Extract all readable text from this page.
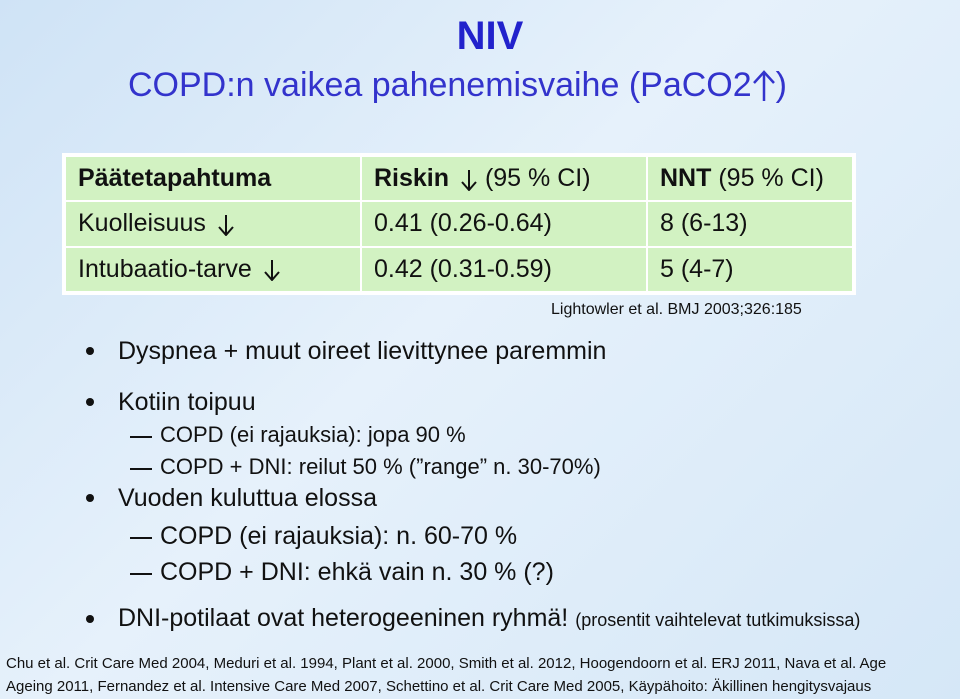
NIV
COPD:n vaikea pahenemisvaihe (PaCO2 )
Päätetapahtuma	Riskin (95 % CI)	NNT (95 % CI)
Kuolleisuus	0.41 (0.26-0.64)	8 (6-13)
Intubaatio-tarve	0.42 (0.31-0.59)	5 (4-7)
Lightowler et al. BMJ 2003;326:185
Dyspnea + muut oireet lievittynee paremmin
Kotiin toipuu
COPD (ei rajauksia): jopa 90 %
COPD + DNI: reilut 50 % (”range” n. 30-70%)
Vuoden kuluttua elossa
COPD (ei rajauksia): n. 60-70 %
COPD + DNI: ehkä vain n. 30 % (?)
DNI-potilaat ovat heterogeeninen ryhmä! (prosentit vaihtelevat tutkimuksissa)
Chu et al. Crit Care Med 2004, Meduri et al. 1994, Plant et al. 2000, Smith et al. 2012, Hoogendoorn et al. ERJ 2011, Nava et al. Age
Ageing 2011, Fernandez et al. Intensive Care Med 2007, Schettino et al. Crit Care Med 2005, Käypähoito: Äkillinen hengitysvajaus
